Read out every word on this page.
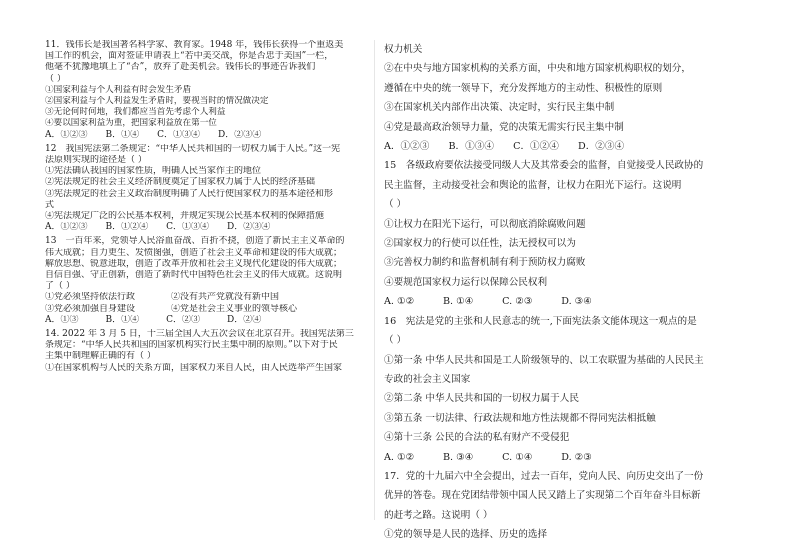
11．钱伟长是我国著名科学家、教育家。1948 年，钱伟长获得一个重返美
国工作的机会，面对签证申请表上“若中美交战，你是否忠于美国”一栏，
他毫不犹豫地填上了“否”，放弃了赴美机会。钱伟长的事迹告诉我们
（ ）
①国家利益与个人利益有时会发生矛盾
②国家利益与个人利益发生矛盾时，要视当时的情况做决定
③无论何时何地，我们都应当首先考虑个人利益
④要以国家利益为重，把国家利益放在第一位
A．①②③　　B．①④　　C．①③④　　D．②③④
12　我国宪法第二条规定：“中华人民共和国的一切权力属于人民。”这一宪
法原则实现的途径是（ ）
①宪法确认我国的国家性质，明确人民当家作主的地位
②宪法规定的社会主义经济制度奠定了国家权力属于人民的经济基础
③宪法规定的社会主义政治制度明确了人民行使国家权力的基本途径和形
式
④宪法规定广泛的公民基本权利，并规定实现公民基本权利的保障措施
A．①②③　　B．①②④　　C．①③④　　D．②③④
13　一百年来，党领导人民浴血奋战、百折不挠，创造了新民主主义革命的
伟大成就；自力更生、发愤图强，创造了社会主义革命和建设的伟大成就；
解放思想、锐意进取，创造了改革开放和社会主义现代化建设的伟大成就；
自信自强、守正创新，创造了新时代中国特色社会主义的伟大成就。这说明
了（ ）
①党必须坚持依法行政　　　　②没有共产党就没有新中国
③党必须加强自身建设　　　　④党是社会主义事业的领导核心
A．①③　　　B．①④　　　C．②③　　　D．②④
14. 2022 年 3 月 5 日，十三届全国人大五次会议在北京召开。我国宪法第三
条规定：“中华人民共和国的国家机构实行民主集中制的原则。”以下对于民
主集中制理解正确的有（ ）
①在国家机构与人民的关系方面，国家权力来自人民，由人民选举产生国家
权力机关
②在中央与地方国家机构的关系方面，中央和地方国家机构职权的划分，
遵循在中央的统一领导下，充分发挥地方的主动性、积极性的原则
③在国家机关内部作出决策、决定时，实行民主集中制
④党是最高政治领导力量，党的决策无需实行民主集中制
A．①②③　　B．①③④　　C．①②④　　D．②③④
15　各级政府要依法接受同级人大及其常委会的监督，自觉接受人民政协的
民主监督，主动接受社会和舆论的监督，让权力在阳光下运行。这说明
（ ）
①让权力在阳光下运行，可以彻底消除腐败问题
②国家权力的行使可以任性，法无授权可以为
③完善权力制约和监督机制有利于预防权力腐败
④要规范国家权力运行以保障公民权利
A. ①②　　　B. ①④　　　C. ②③　　　D. ③④
16　宪法是党的主张和人民意志的统一,下面宪法条文能体现这一观点的是
（ ）
①第一条 中华人民共和国是工人阶级领导的、以工农联盟为基础的人民民主
专政的社会主义国家
②第二条 中华人民共和国的一切权力属于人民
③第五条 一切法律、行政法规和地方性法规都不得同宪法相抵触
④第十三条 公民的合法的私有财产不受侵犯
A. ①②　　　B. ③④　　　C. ①④　　　D. ②③
17．党的十九届六中全会提出，过去一百年，党向人民、向历史交出了一份
优异的答卷。现在党团结带领中国人民又踏上了实现第二个百年奋斗目标新
的赶考之路。这说明（ ）
①党的领导是人民的选择、历史的选择
